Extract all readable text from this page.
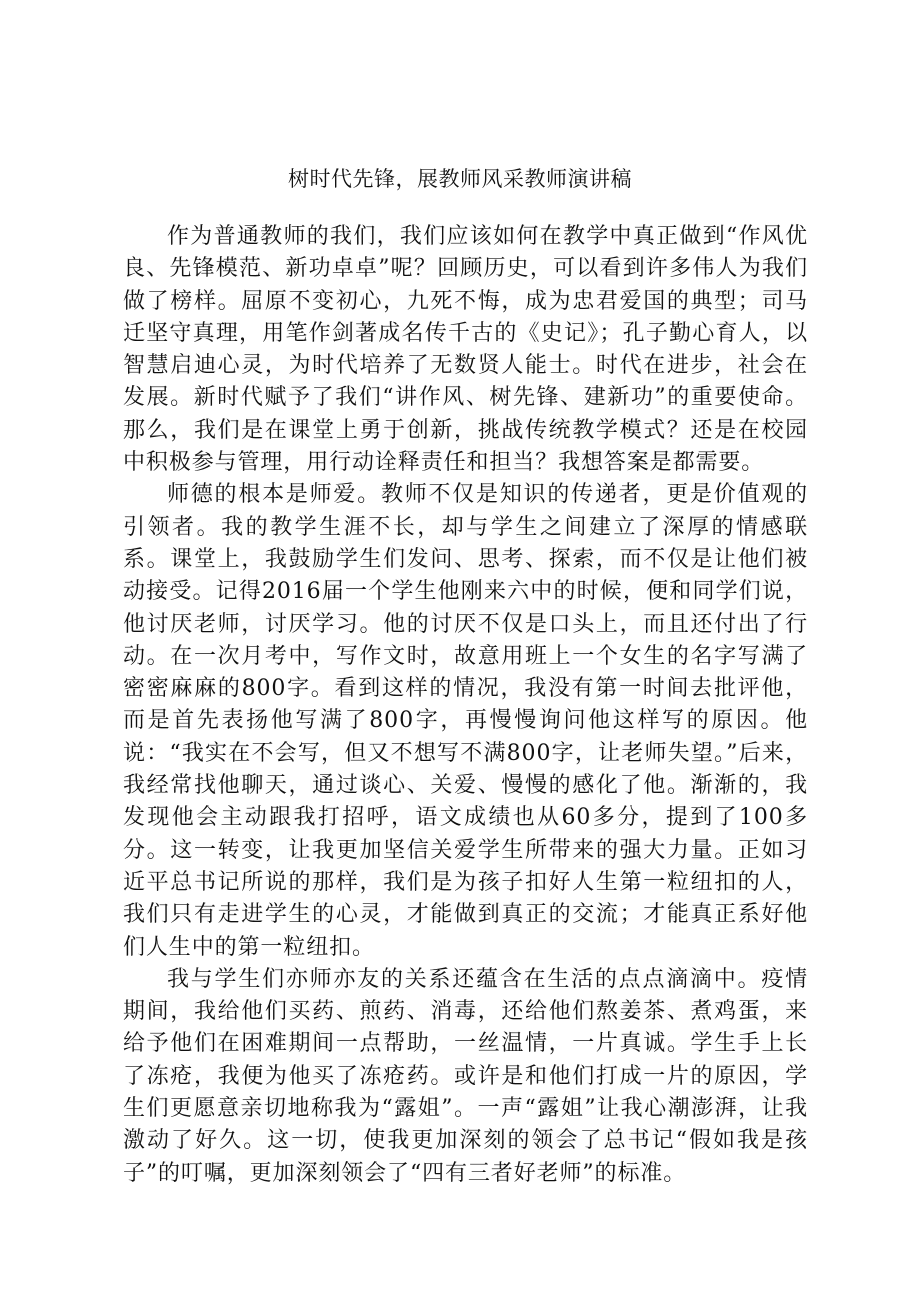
树时代先锋，展教师风采教师演讲稿

作为普通教师的我们，我们应该如何在教学中真正做到“作风优良、先锋模范、新功卓卓”呢？回顾历史，可以看到许多伟人为我们做了榜样。屈原不变初心，九死不悔，成为忠君爱国的典型；司马迁坚守真理，用笔作剑著成名传千古的《史记》；孔子勤心育人，以智慧启迪心灵，为时代培养了无数贤人能士。时代在进步，社会在发展。新时代赋予了我们“讲作风、树先锋、建新功”的重要使命。那么，我们是在课堂上勇于创新，挑战传统教学模式？还是在校园中积极参与管理，用行动诠释责任和担当？我想答案是都需要。

师德的根本是师爱。教师不仅是知识的传递者，更是价值观的引领者。我的教学生涯不长，却与学生之间建立了深厚的情感联系。课堂上，我鼓励学生们发问、思考、探索，而不仅是让他们被动接受。记得2016届一个学生他刚来六中的时候，便和同学们说，他讨厌老师，讨厌学习。他的讨厌不仅是口头上，而且还付出了行动。在一次月考中，写作文时，故意用班上一个女生的名字写满了密密麻麻的800字。看到这样的情况，我没有第一时间去批评他，而是首先表扬他写满了800字，再慢慢询问他这样写的原因。他说：“我实在不会写，但又不想写不满800字，让老师失望。”后来，我经常找他聊天，通过谈心、关爱、慢慢的感化了他。渐渐的，我发现他会主动跟我打招呼，语文成绩也从60多分，提到了100多分。这一转变，让我更加坚信关爱学生所带来的强大力量。正如习近平总书记所说的那样，我们是为孩子扣好人生第一粒纽扣的人，我们只有走进学生的心灵，才能做到真正的交流；才能真正系好他们人生中的第一粒纽扣。

我与学生们亦师亦友的关系还蕴含在生活的点点滴滴中。疫情期间，我给他们买药、煎药、消毒，还给他们熬姜茶、煮鸡蛋，来给予他们在困难期间一点帮助，一丝温情，一片真诚。学生手上长了冻疮，我便为他买了冻疮药。或许是和他们打成一片的原因，学生们更愿意亲切地称我为“露姐”。一声“露姐”让我心潮澎湃，让我激动了好久。这一切，使我更加深刻的领会了总书记“假如我是孩子”的叮嘱，更加深刻领会了“四有三者好老师”的标准。
